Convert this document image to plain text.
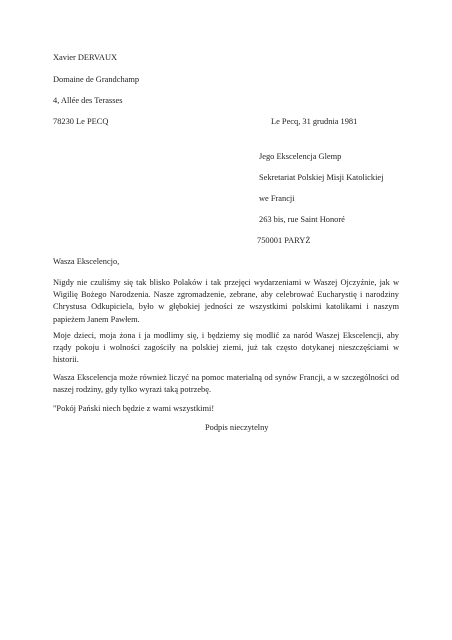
Xavier DERVAUX
Domaine de Grandchamp
4, Allée des Terasses
78230 Le PECQ	Le Pecq, 31 grudnia 1981
Jego Ekscelencja Glemp
Sekretariat Polskiej Misji Katolickiej
we Francji
263 bis, rue Saint Honoré
750001 PARYŻ
Wasza Ekscelencjo,
Nigdy nie czuliśmy się tak blisko Polaków i tak przejęci wydarzeniami w Waszej Ojczyźnie, jak w Wigilię Bożego Narodzenia. Nasze zgromadzenie, zebrane, aby celebrować Eucharystię i narodziny Chrystusa Odkupiciela, było w głębokiej jedności ze wszystkimi polskimi katolikami i naszym papieżem Janem Pawłem.
Moje dzieci, moja żona i ja modlimy się, i będziemy się modlić za naród Waszej Ekscelencji, aby rządy pokoju i wolności zagościły na polskiej ziemi, już tak często dotykanej nieszczęściami w historii.
Wasza Ekscelencja może również liczyć na pomoc materialną od synów Francji, a w szczególności od naszej rodziny, gdy tylko wyrazi taką potrzebę.
"Pokój Pański niech będzie z wami wszystkimi!
Podpis nieczytelny
